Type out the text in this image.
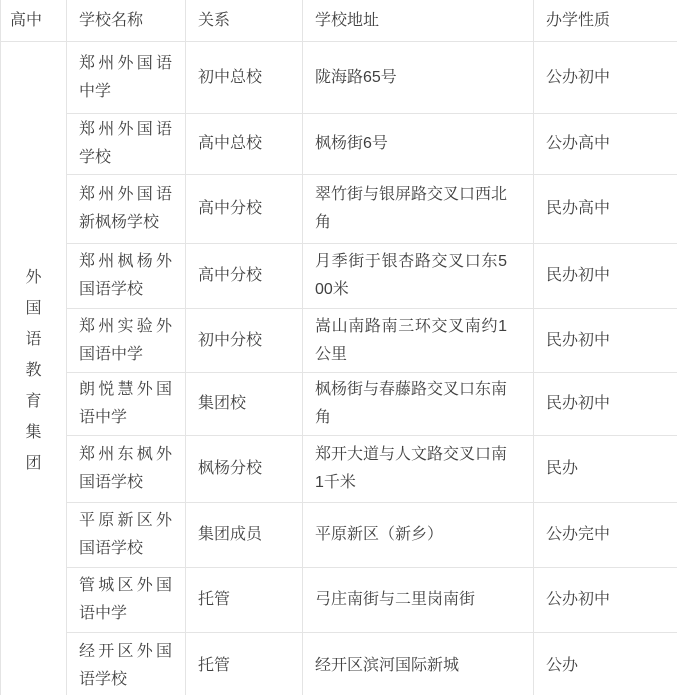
高中	学校名称	关系	学校地址	办学性质

外国语教育集团	郑州外国语中学	初中总校	陇海路65号	公办初中
	郑州外国语学校	高中总校	枫杨街6号	公办高中
	郑州外国语新枫杨学校	高中分校	翠竹街与银屏路交叉口西北角	民办高中
	郑州枫杨外国语学校	高中分校	月季街于银杏路交叉口东500米	民办初中
	郑州实验外国语中学	初中分校	嵩山南路南三环交叉南约1公里	民办初中
	朗悦慧外国语中学	集团校	枫杨街与春藤路交叉口东南角	民办初中
	郑州东枫外国语学校	枫杨分校	郑开大道与人文路交叉口南1千米	民办
	平原新区外国语学校	集团成员	平原新区（新乡）	公办完中
	管城区外国语中学	托管	弓庄南街与二里岗南街	公办初中
	经开区外国语学校	托管	经开区滨河国际新城	公办
